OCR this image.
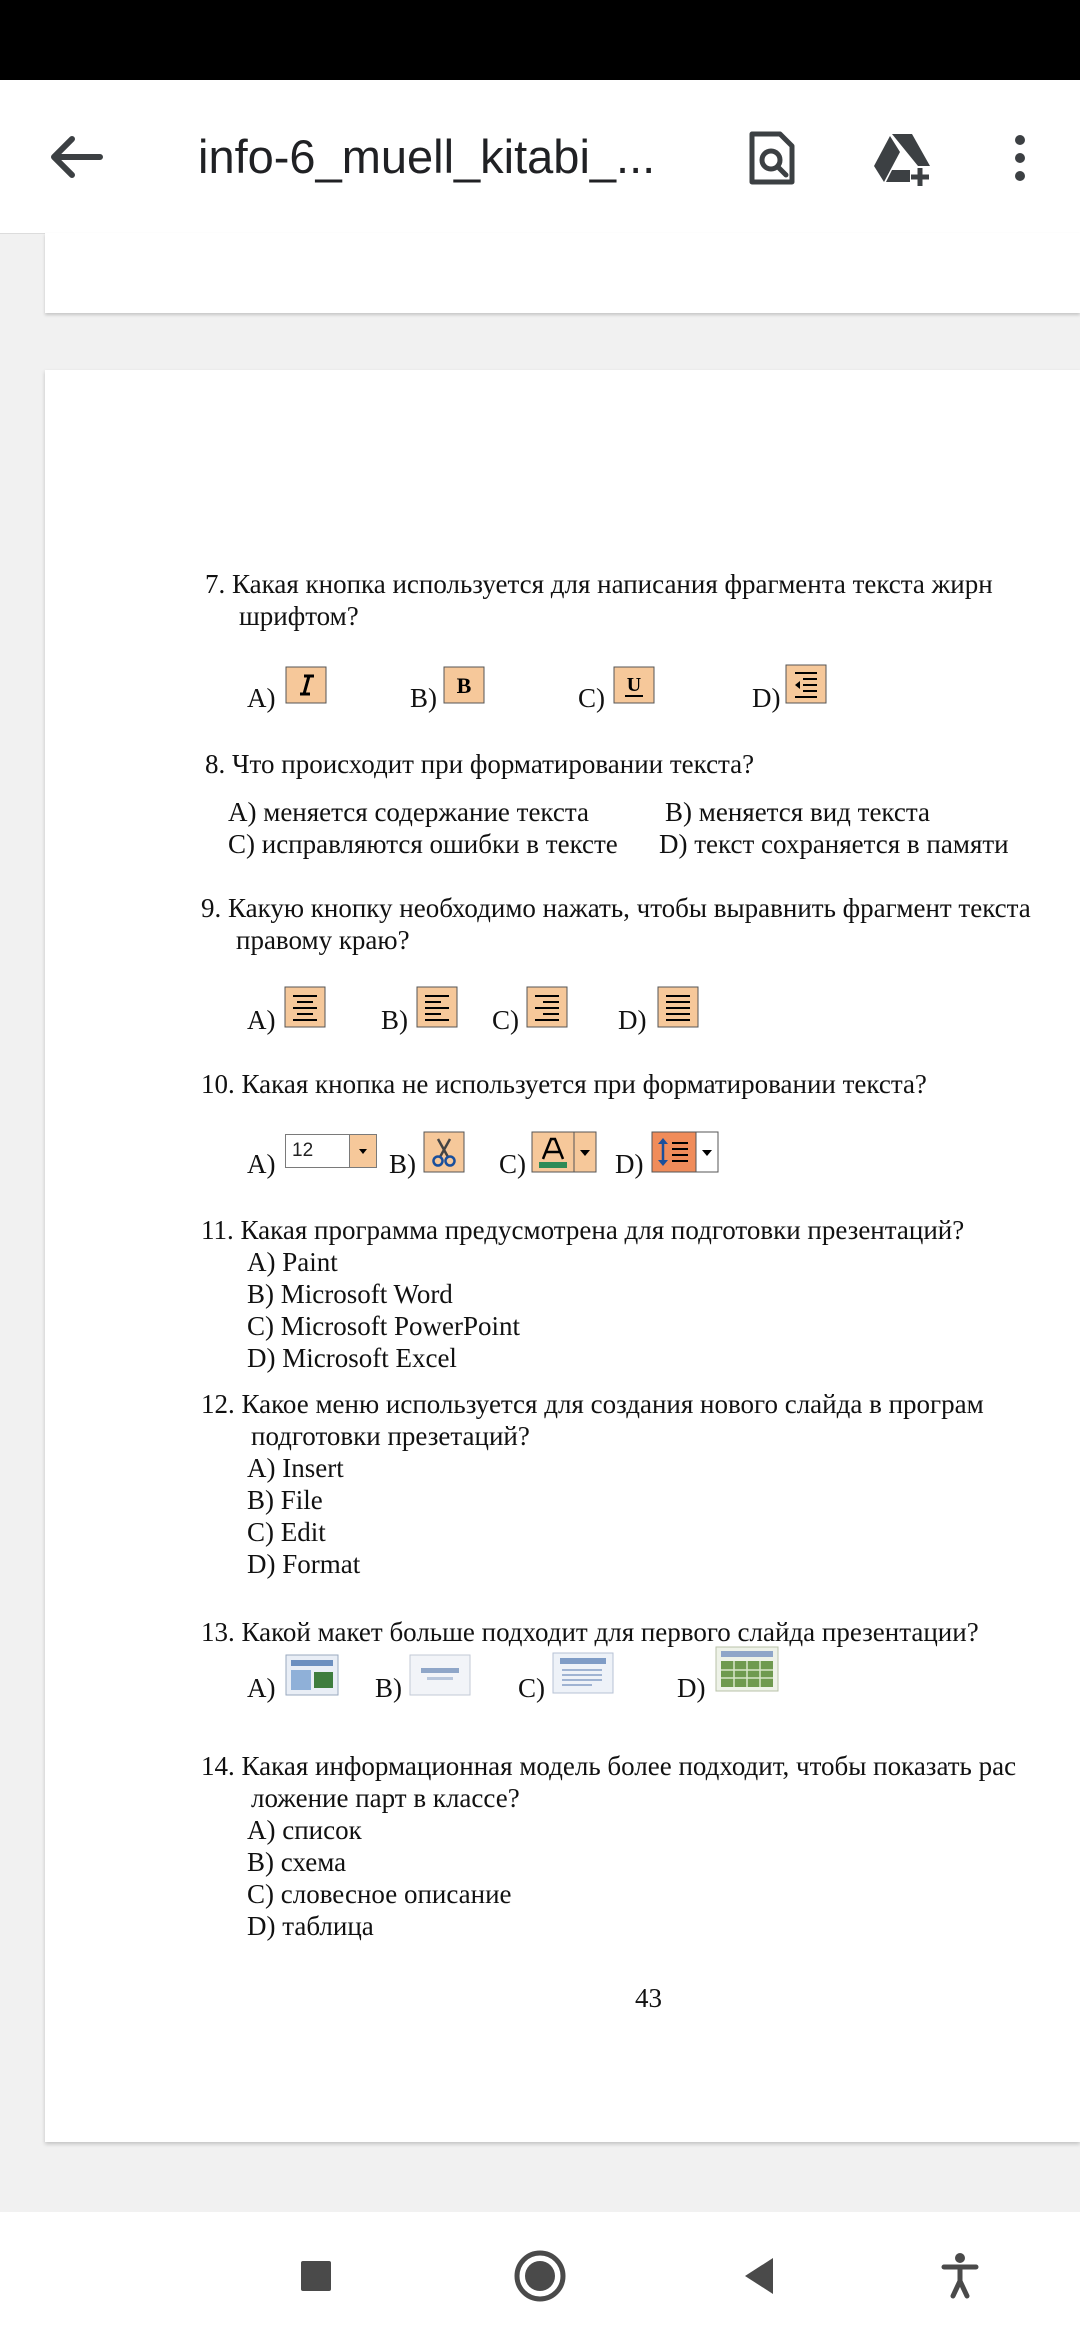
info-6_muell_kitabi_...
7. Какая кнопка используется для написания фрагмента текста жирн
шрифтом?
A)	B) B	C) U	D)
8. Что происходит при форматировании текста?
A) меняется содержание текста	B) меняется вид текста
C) исправляются ошибки в тексте D) текст сохраняется в памяти
9. Какую кнопку необходимо нажать, чтобы выравнить фрагмент текста
правому краю?
A)	B)	C)	D)
10. Какая кнопка не используется при форматировании текста?
A) 12	B)	C)	D)
11. Какая программа предусмотрена для подготовки презентаций?
A) Paint
B) Microsoft Word
C) Microsoft PowerPoint
D) Microsoft Excel
12. Какое меню используется для создания нового слайда в програм
подготовки презетаций?
A) Insert
B) File
C) Edit
D) Format
13. Какой макет больше подходит для первого слайда презентации?
A)	B)	C)	D)
14. Какая информационная модель более подходит, чтобы показать рас
ложение парт в классе?
A) список
B) схема
C) словесное описание
D) таблица
43
